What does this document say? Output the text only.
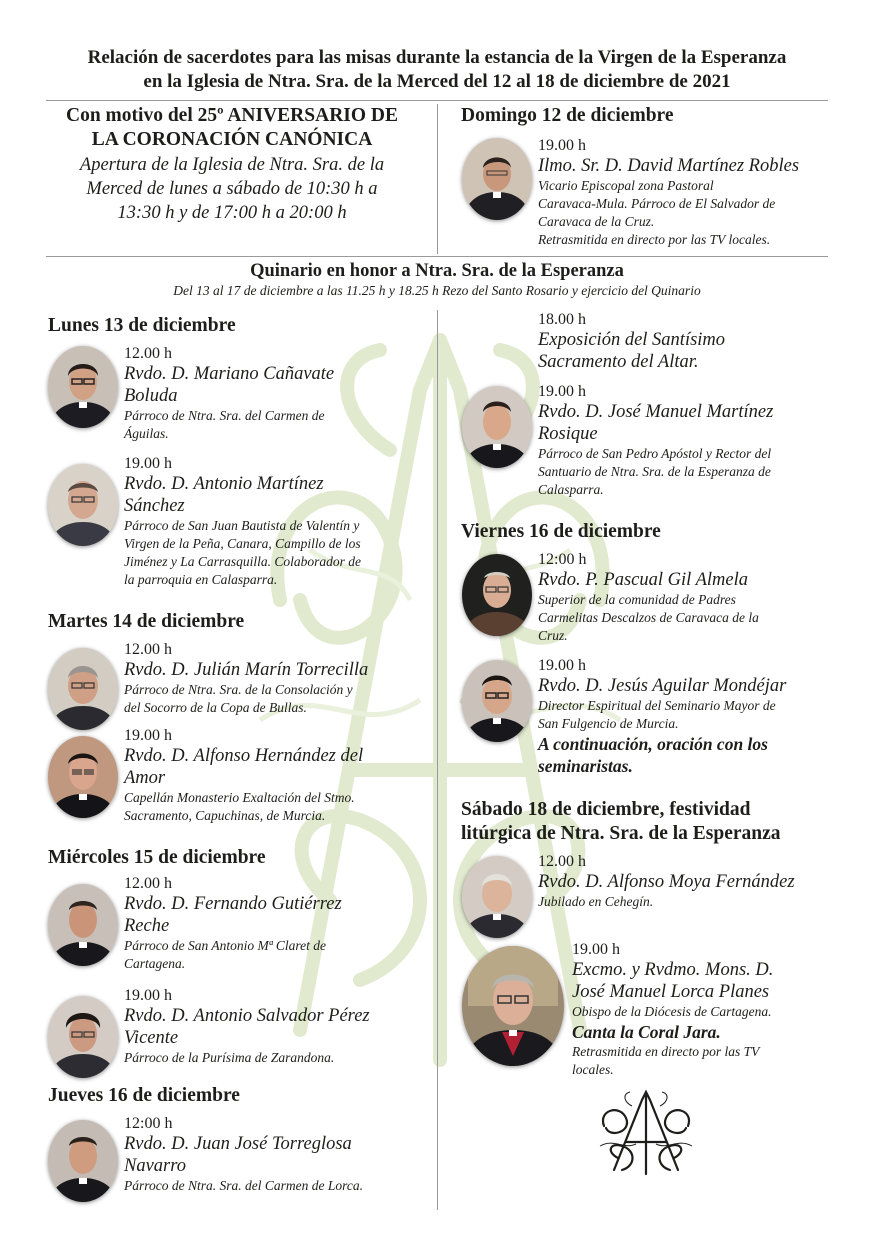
Relación de sacerdotes para las misas durante la estancia de la Virgen de la Esperanza
en la Iglesia de Ntra. Sra. de la Merced del 12 al 18 de diciembre de 2021
Con motivo del 25º ANIVERSARIO DE
LA CORONACIÓN CANÓNICA
Apertura de la Iglesia de Ntra. Sra. de la
Merced de lunes a sábado de 10:30 h a
13:30 h y de 17:00 h a 20:00 h
Domingo 12 de diciembre
19.00 h
Ilmo. Sr. D. David Martínez Robles
Vicario Episcopal zona Pastoral
Caravaca-Mula. Párroco de El Salvador de
Caravaca de la Cruz.
Retrasmitida en directo por las TV locales.
Quinario en honor a Ntra. Sra. de la Esperanza
Del 13 al 17 de diciembre a las 11.25 h y 18.25 h Rezo del Santo Rosario y ejercicio del Quinario
Lunes 13 de diciembre
12.00 h
Rvdo. D. Mariano Cañavate
Boluda
Párroco de Ntra. Sra. del Carmen de
Águilas.
19.00 h
Rvdo. D. Antonio Martínez
Sánchez
Párroco de San Juan Bautista de Valentín y
Virgen de la Peña, Canara, Campillo de los
Jiménez y La Carrasquilla. Colaborador de
la parroquia en Calasparra.
Martes 14 de diciembre
12.00 h
Rvdo. D. Julián Marín Torrecilla
Párroco de Ntra. Sra. de la Consolación y
del Socorro de la Copa de Bullas.
19.00 h
Rvdo. D. Alfonso Hernández del
Amor
Capellán Monasterio Exaltación del Stmo.
Sacramento, Capuchinas, de Murcia.
Miércoles 15 de diciembre
12.00 h
Rvdo. D. Fernando Gutiérrez
Reche
Párroco de San Antonio Mª Claret de
Cartagena.
19.00 h
Rvdo. D. Antonio Salvador Pérez
Vicente
Párroco de la Purísima de Zarandona.
Jueves 16 de diciembre
12:00 h
Rvdo. D. Juan José Torreglosa
Navarro
Párroco de Ntra. Sra. del Carmen de Lorca.
18.00 h
Exposición del Santísimo
Sacramento del Altar.
19.00 h
Rvdo. D. José Manuel Martínez
Rosique
Párroco de San Pedro Apóstol y Rector del
Santuario de Ntra. Sra. de la Esperanza de
Calasparra.
Viernes 16 de diciembre
12:00 h
Rvdo. P. Pascual Gil Almela
Superior de la comunidad de Padres
Carmelitas Descalzos de Caravaca de la
Cruz.
19.00 h
Rvdo. D. Jesús Aguilar Mondéjar
Director Espiritual del Seminario Mayor de
San Fulgencio de Murcia.
A continuación, oración con los
seminaristas.
Sábado 18 de diciembre, festividad
litúrgica de Ntra. Sra. de la Esperanza
12.00 h
Rvdo. D. Alfonso Moya Fernández
Jubilado en Cehegín.
19.00 h
Excmo. y Rvdmo. Mons. D.
José Manuel Lorca Planes
Obispo de la Diócesis de Cartagena.
Canta la Coral Jara.
Retrasmitida en directo por las TV
locales.
